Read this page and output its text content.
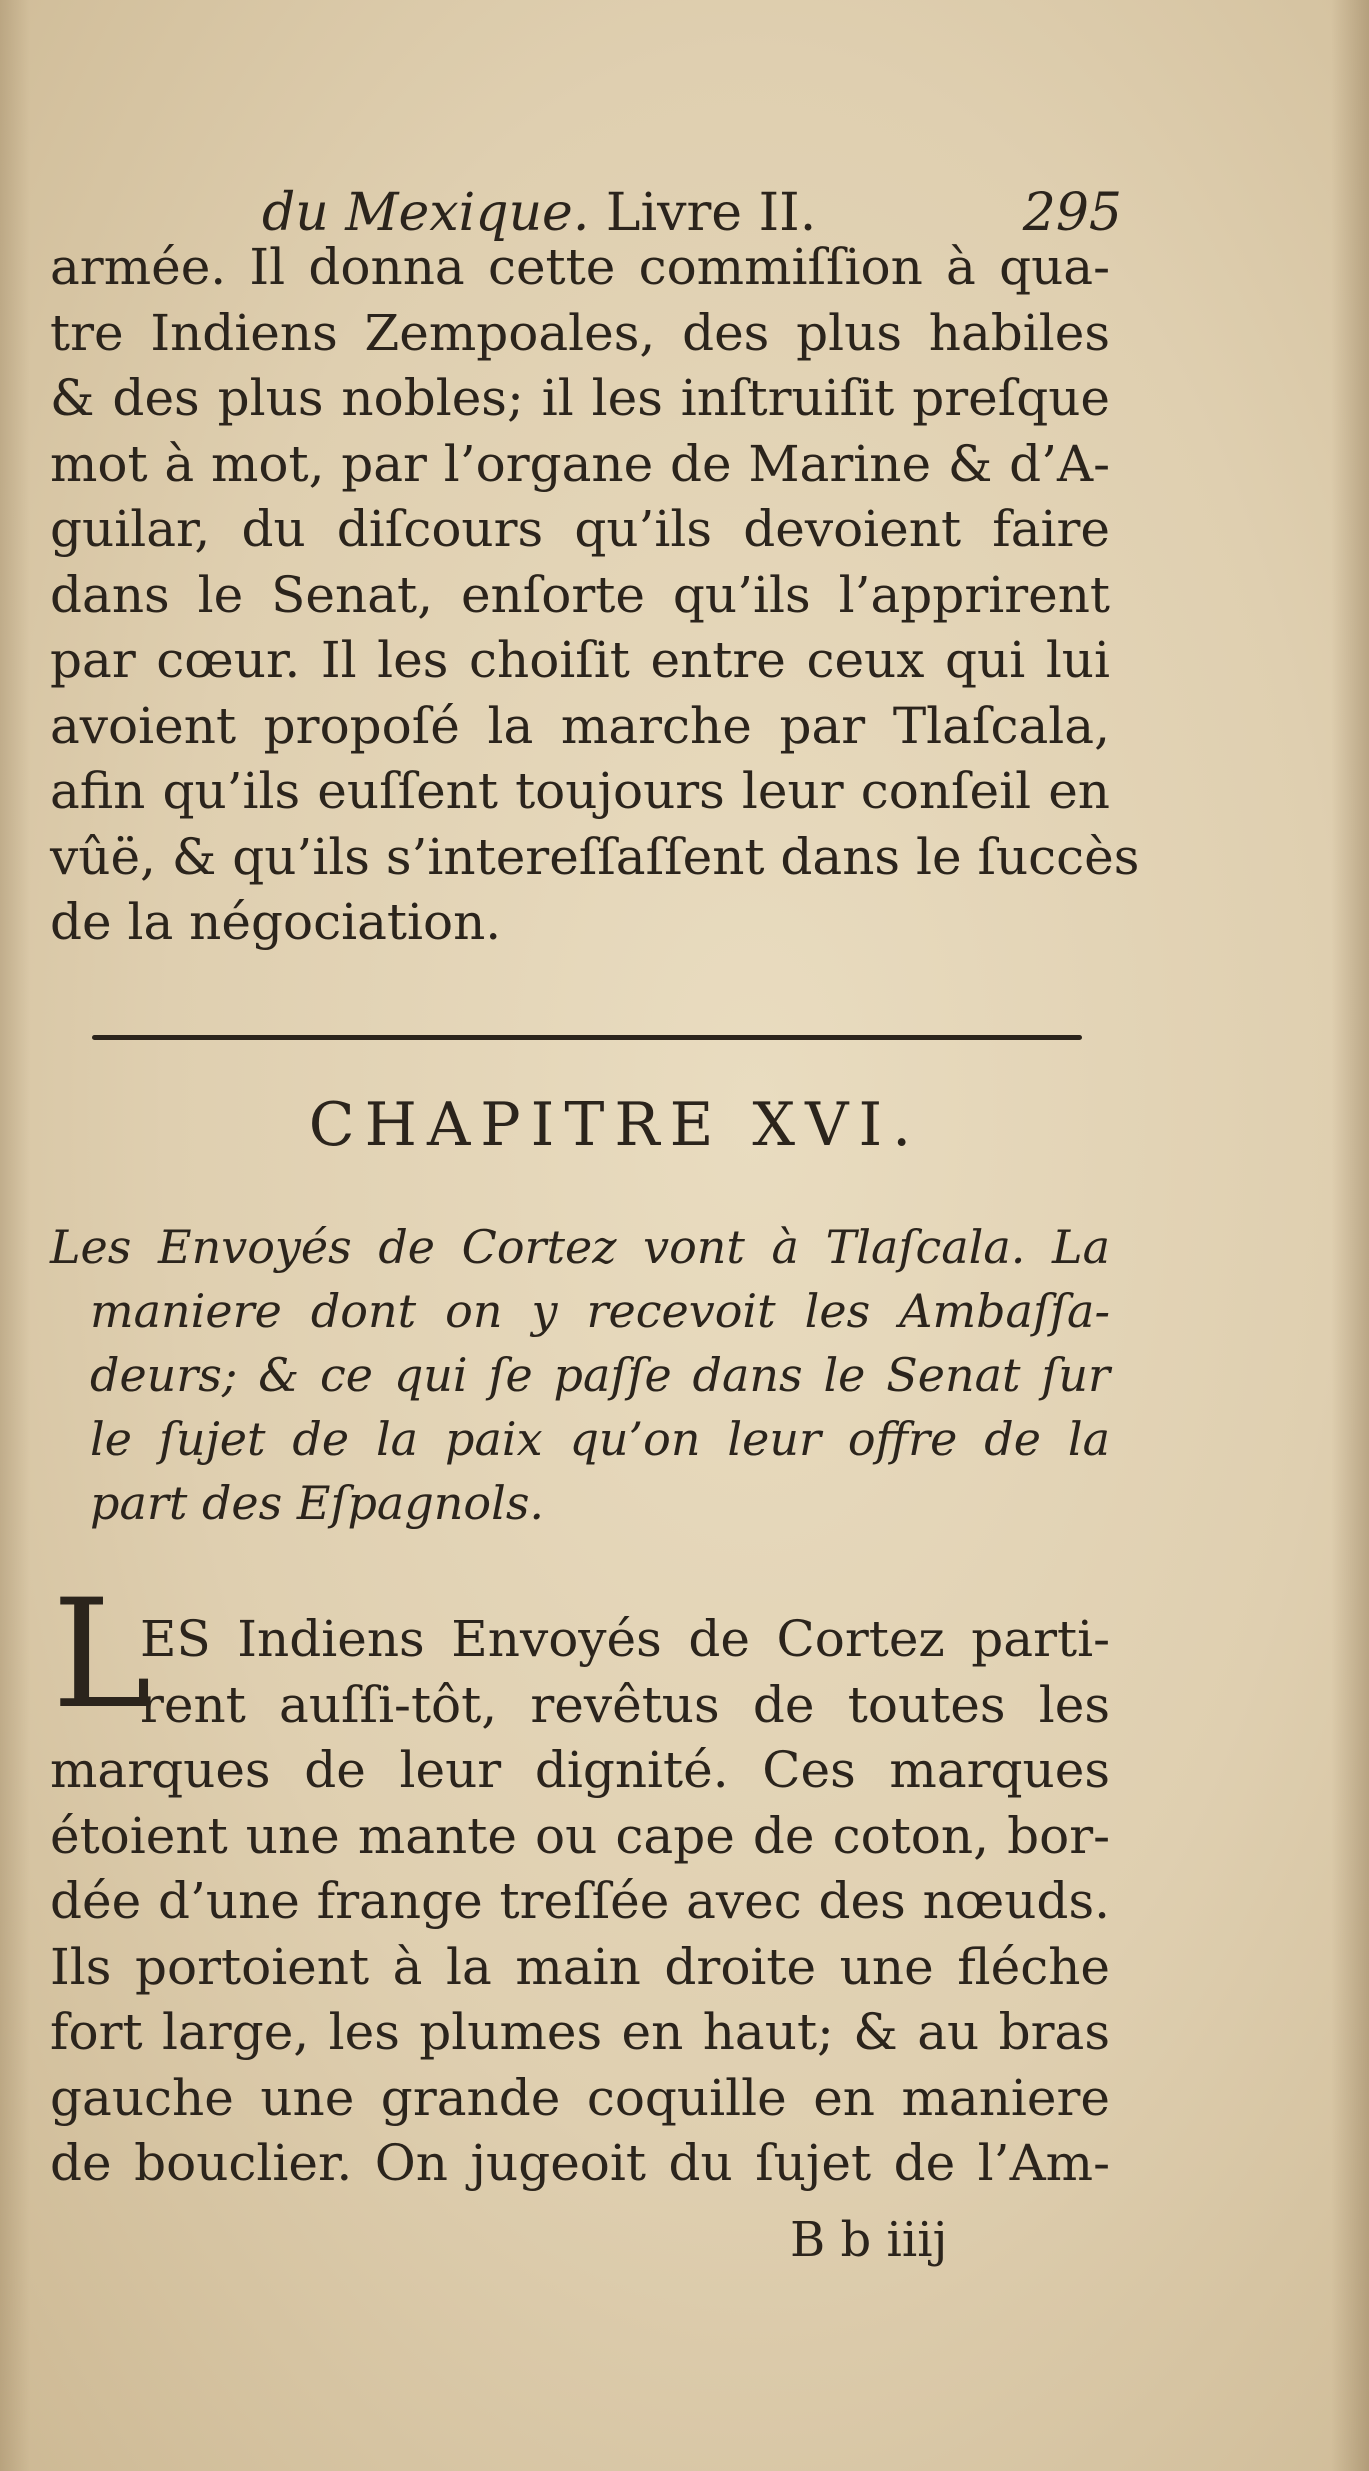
du Mexique. Livre II.	295
armée. Il donna cette commiſſion à qua-
tre Indiens Zempoales, des plus habiles
& des plus nobles; il les inſtruiſit preſque
mot à mot, par l’organe de Marine & d’A-
guilar, du diſcours qu’ils devoient faire
dans le Senat, enſorte qu’ils l’apprirent
par cœur. Il les choiſit entre ceux qui lui
avoient propoſé la marche par Tlaſcala,
afin qu’ils euſſent toujours leur conſeil en
vûë, & qu’ils s’intereſſaſſent dans le ſuccès
de la négociation.
CHAPITRE XVI.
Les Envoyés de Cortez vont à Tlaſcala. La
maniere dont on y recevoit les Ambaſſa-
deurs; & ce qui ſe paſſe dans le Senat ſur
le ſujet de la paix qu’on leur offre de la
part des Eſpagnols.
L
ES Indiens Envoyés de Cortez parti-
rent auſſi-tôt, revêtus de toutes les
marques de leur dignité. Ces marques
étoient une mante ou cape de coton, bor-
dée d’une frange treſſée avec des nœuds.
Ils portoient à la main droite une fléche
fort large, les plumes en haut; & au bras
gauche une grande coquille en maniere
de bouclier. On jugeoit du ſujet de l’Am-
B b iiij
